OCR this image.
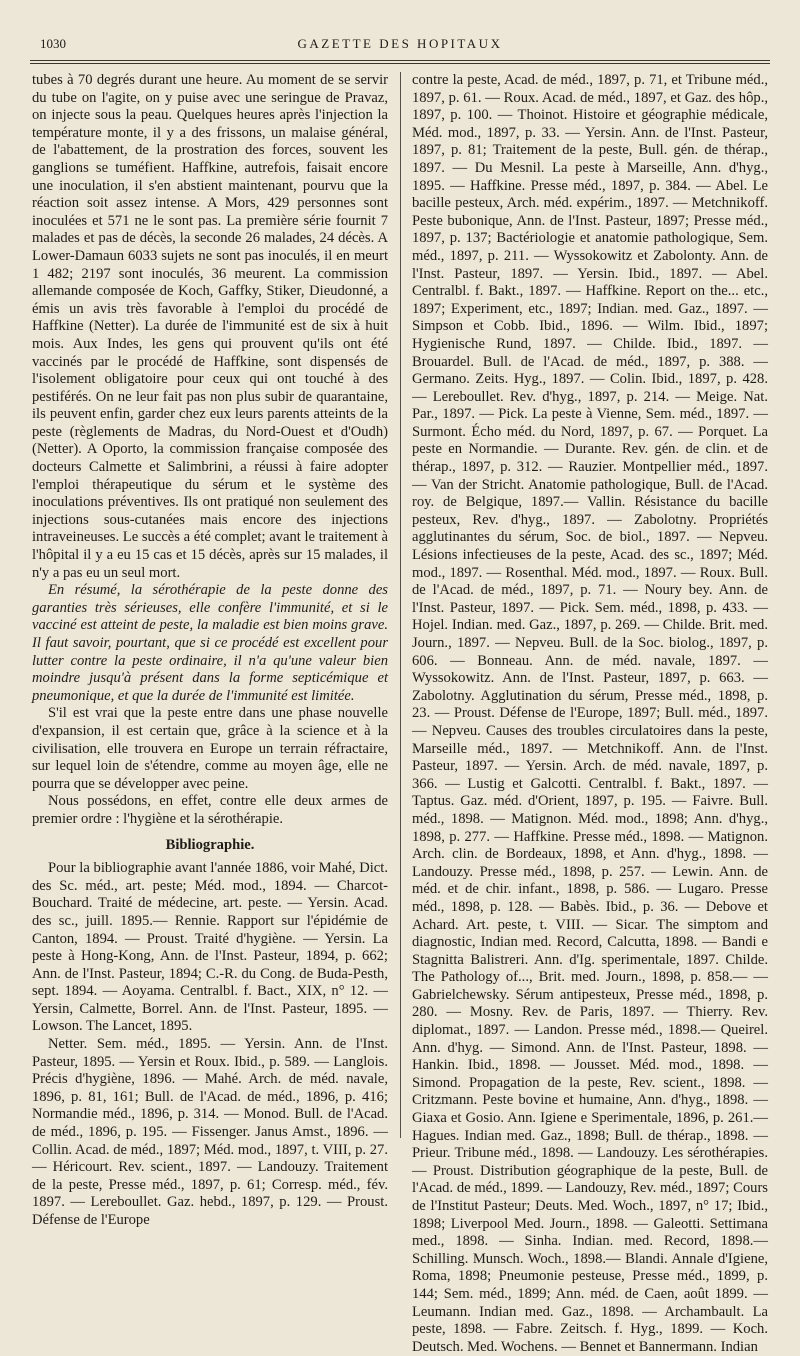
1030	GAZETTE DES HOPITAUX

tubes à 70 degrés durant une heure. Au moment de se servir du tube on l'agite, on y puise avec une seringue de Pravaz, on injecte sous la peau. Quelques heures après l'injection la température monte, il y a des frissons, un malaise général, de l'abattement, de la prostration des forces, souvent les ganglions se tuméfient. Haffkine, autrefois, faisait encore une inoculation, il s'en abstient maintenant, pourvu que la réaction soit assez intense. A Mors, 429 personnes sont inoculées et 571 ne le sont pas. La première série fournit 7 malades et pas de décès, la seconde 26 malades, 24 décès. A Lower-Damaun 6033 sujets ne sont pas inoculés, il en meurt 1 482; 2197 sont inoculés, 36 meurent. La commission allemande composée de Koch, Gaffky, Stiker, Dieudonné, a émis un avis très favorable à l'emploi du procédé de Haffkine (Netter). La durée de l'immunité est de six à huit mois. Aux Indes, les gens qui prouvent qu'ils ont été vaccinés par le procédé de Haffkine, sont dispensés de l'isolement obligatoire pour ceux qui ont touché à des pestiférés. On ne leur fait pas non plus subir de quarantaine, ils peuvent enfin, garder chez eux leurs parents atteints de la peste (règlements de Madras, du Nord-Ouest et d'Oudh) (Netter). A Oporto, la commission française composée des docteurs Calmette et Salimbrini, a réussi à faire adopter l'emploi thérapeutique du sérum et le système des inoculations préventives. Ils ont pratiqué non seulement des injections sous-cutanées mais encore des injections intraveineuses. Le succès a été complet; avant le traitement à l'hôpital il y a eu 15 cas et 15 décès, après sur 15 malades, il n'y a pas eu un seul mort.

En résumé, la sérothérapie de la peste donne des garanties très sérieuses, elle confère l'immunité, et si le vacciné est atteint de peste, la maladie est bien moins grave. Il faut savoir, pourtant, que si ce procédé est excellent pour lutter contre la peste ordinaire, il n'a qu'une valeur bien moindre jusqu'à présent dans la forme septicémique et pneumonique, et que la durée de l'immunité est limitée.

S'il est vrai que la peste entre dans une phase nouvelle d'expansion, il est certain que, grâce à la science et à la civilisation, elle trouvera en Europe un terrain réfractaire, sur lequel loin de s'étendre, comme au moyen âge, elle ne pourra que se développer avec peine.

Nous possédons, en effet, contre elle deux armes de premier ordre : l'hygiène et la sérothérapie.

Bibliographie.

Pour la bibliographie avant l'année 1886, voir Mahé, Dict. des Sc. méd., art. peste; Méd. mod., 1894. — Charcot-Bouchard. Traité de médecine, art. peste. — Yersin. Acad. des sc., juill. 1895.— Rennie. Rapport sur l'épidémie de Canton, 1894. — Proust. Traité d'hygiène. — Yersin. La peste à Hong-Kong, Ann. de l'Inst. Pasteur, 1894, p. 662; Ann. de l'Inst. Pasteur, 1894; C.-R. du Cong. de Buda-Pesth, sept. 1894. — Aoyama. Centralbl. f. Bact., XIX, n° 12. — Yersin, Calmette, Borrel. Ann. de l'Inst. Pasteur, 1895. — Lowson. The Lancet, 1895.

Netter. Sem. méd., 1895. — Yersin. Ann. de l'Inst. Pasteur, 1895. — Yersin et Roux. Ibid., p. 589. — Langlois. Précis d'hygiène, 1896. — Mahé. Arch. de méd. navale, 1896, p. 81, 161; Bull. de l'Acad. de méd., 1896, p. 416; Normandie méd., 1896, p. 314. — Monod. Bull. de l'Acad. de méd., 1896, p. 195. — Fissenger. Janus Amst., 1896. — Collin. Acad. de méd., 1897; Méd. mod., 1897, t. VIII, p. 27. — Héricourt. Rev. scient., 1897. — Landouzy. Traitement de la peste, Presse méd., 1897, p. 61; Corresp. méd., fév. 1897. — Lereboullet. Gaz. hebd., 1897, p. 129. — Proust. Défense de l'Europe

contre la peste, Acad. de méd., 1897, p. 71, et Tribune méd., 1897, p. 61. — Roux. Acad. de méd., 1897, et Gaz. des hôp., 1897, p. 100. — Thoinot. Histoire et géographie médicale, Méd. mod., 1897, p. 33. — Yersin. Ann. de l'Inst. Pasteur, 1897, p. 81; Traitement de la peste, Bull. gén. de thérap., 1897. — Du Mesnil. La peste à Marseille, Ann. d'hyg., 1895. — Haffkine. Presse méd., 1897, p. 384. — Abel. Le bacille pesteux, Arch. méd. expérim., 1897. — Metchnikoff. Peste bubonique, Ann. de l'Inst. Pasteur, 1897; Presse méd., 1897, p. 137; Bactériologie et anatomie pathologique, Sem. méd., 1897, p. 211. — Wyssokowitz et Zabolonty. Ann. de l'Inst. Pasteur, 1897. — Yersin. Ibid., 1897. — Abel. Centralbl. f. Bakt., 1897. — Haffkine. Report on the... etc., 1897; Experiment, etc., 1897; Indian. med. Gaz., 1897. — Simpson et Cobb. Ibid., 1896. — Wilm. Ibid., 1897; Hygienische Rund, 1897. — Childe. Ibid., 1897. — Brouardel. Bull. de l'Acad. de méd., 1897, p. 388. — Germano. Zeits. Hyg., 1897. — Colin. Ibid., 1897, p. 428. — Lereboullet. Rev. d'hyg., 1897, p. 214. — Meige. Nat. Par., 1897. — Pick. La peste à Vienne, Sem. méd., 1897. — Surmont. Écho méd. du Nord, 1897, p. 67. — Porquet. La peste en Normandie. — Durante. Rev. gén. de clin. et de thérap., 1897, p. 312. — Rauzier. Montpellier méd., 1897. — Van der Stricht. Anatomie pathologique, Bull. de l'Acad. roy. de Belgique, 1897.— Vallin. Résistance du bacille pesteux, Rev. d'hyg., 1897. — Zabolotny. Propriétés agglutinantes du sérum, Soc. de biol., 1897. — Nepveu. Lésions infectieuses de la peste, Acad. des sc., 1897; Méd. mod., 1897. — Rosenthal. Méd. mod., 1897. — Roux. Bull. de l'Acad. de méd., 1897, p. 71. — Noury bey. Ann. de l'Inst. Pasteur, 1897. — Pick. Sem. méd., 1898, p. 433. — Hojel. Indian. med. Gaz., 1897, p. 269. — Childe. Brit. med. Journ., 1897. — Nepveu. Bull. de la Soc. biolog., 1897, p. 606. — Bonneau. Ann. de méd. navale, 1897. — Wyssokowitz. Ann. de l'Inst. Pasteur, 1897, p. 663. — Zabolotny. Agglutination du sérum, Presse méd., 1898, p. 23. — Proust. Défense de l'Europe, 1897; Bull. méd., 1897. — Nepveu. Causes des troubles circulatoires dans la peste, Marseille méd., 1897. — Metchnikoff. Ann. de l'Inst. Pasteur, 1897. — Yersin. Arch. de méd. navale, 1897, p. 366. — Lustig et Galcotti. Centralbl. f. Bakt., 1897. — Taptus. Gaz. méd. d'Orient, 1897, p. 195. — Faivre. Bull. méd., 1898. — Matignon. Méd. mod., 1898; Ann. d'hyg., 1898, p. 277. — Haffkine. Presse méd., 1898. — Matignon. Arch. clin. de Bordeaux, 1898, et Ann. d'hyg., 1898. — Landouzy. Presse méd., 1898, p. 257. — Lewin. Ann. de méd. et de chir. infant., 1898, p. 586. — Lugaro. Presse méd., 1898, p. 128. — Babès. Ibid., p. 36. — Debove et Achard. Art. peste, t. VIII. — Sicar. The simptom and diagnostic, Indian med. Record, Calcutta, 1898. — Bandi e Stagnitta Balistreri. Ann. d'Ig. sperimentale, 1897. Childe. The Pathology of..., Brit. med. Journ., 1898, p. 858.— — Gabrielchewsky. Sérum antipesteux, Presse méd., 1898, p. 280. — Mosny. Rev. de Paris, 1897. — Thierry. Rev. diplomat., 1897. — Landon. Presse méd., 1898.— Queirel. Ann. d'hyg. — Simond. Ann. de l'Inst. Pasteur, 1898. — Hankin. Ibid., 1898. — Jousset. Méd. mod., 1898. — Simond. Propagation de la peste, Rev. scient., 1898. — Critzmann. Peste bovine et humaine, Ann. d'hyg., 1898. — Giaxa et Gosio. Ann. Igiene e Sperimentale, 1896, p. 261.— Hagues. Indian med. Gaz., 1898; Bull. de thérap., 1898. — Prieur. Tribune méd., 1898. — Landouzy. Les sérothérapies. — Proust. Distribution géographique de la peste, Bull. de l'Acad. de méd., 1899. — Landouzy, Rev. méd., 1897; Cours de l'Institut Pasteur; Deuts. Med. Woch., 1897, n° 17; Ibid., 1898; Liverpool Med. Journ., 1898. — Galeotti. Settimana med., 1898. — Sinha. Indian. med. Record, 1898.—Schilling. Munsch. Woch., 1898.— Blandi. Annale d'Igiene, Roma, 1898; Pneumonie pesteuse, Presse méd., 1899, p. 144; Sem. méd., 1899; Ann. méd. de Caen, août 1899. — Leumann. Indian med. Gaz., 1898. — Archambault. La peste, 1898. — Fabre. Zeitsch. f. Hyg., 1899. — Koch. Deutsch. Med. Wochens. — Bennet et Bannermann. Indian
